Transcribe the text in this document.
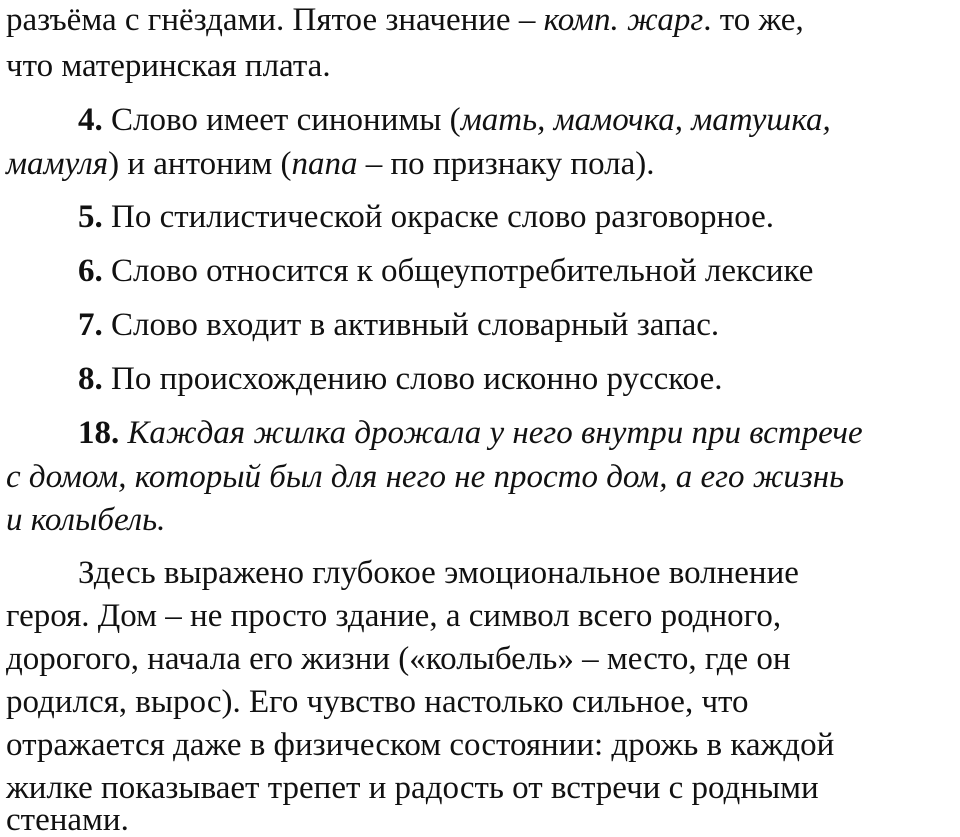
разъёма с гнёздами. Пятое значение – комп. жарг. то же,
что материнская плата.
4. Слово имеет синонимы (мать, мамочка, матушка,
мамуля) и антоним (папа – по признаку пола).
5. По стилистической окраске слово разговорное.
6. Слово относится к общеупотребительной лексике
7. Слово входит в активный словарный запас.
8. По происхождению слово исконно русское.
18. Каждая жилка дрожала у него внутри при встрече
с домом, который был для него не просто дом, а его жизнь
и колыбель.
Здесь выражено глубокое эмоциональное волнение
героя. Дом – не просто здание, а символ всего родного,
дорогого, начала его жизни («колыбель» – место, где он
родился, вырос). Его чувство настолько сильное, что
отражается даже в физическом состоянии: дрожь в каждой
жилке показывает трепет и радость от встречи с родными
стенами.
